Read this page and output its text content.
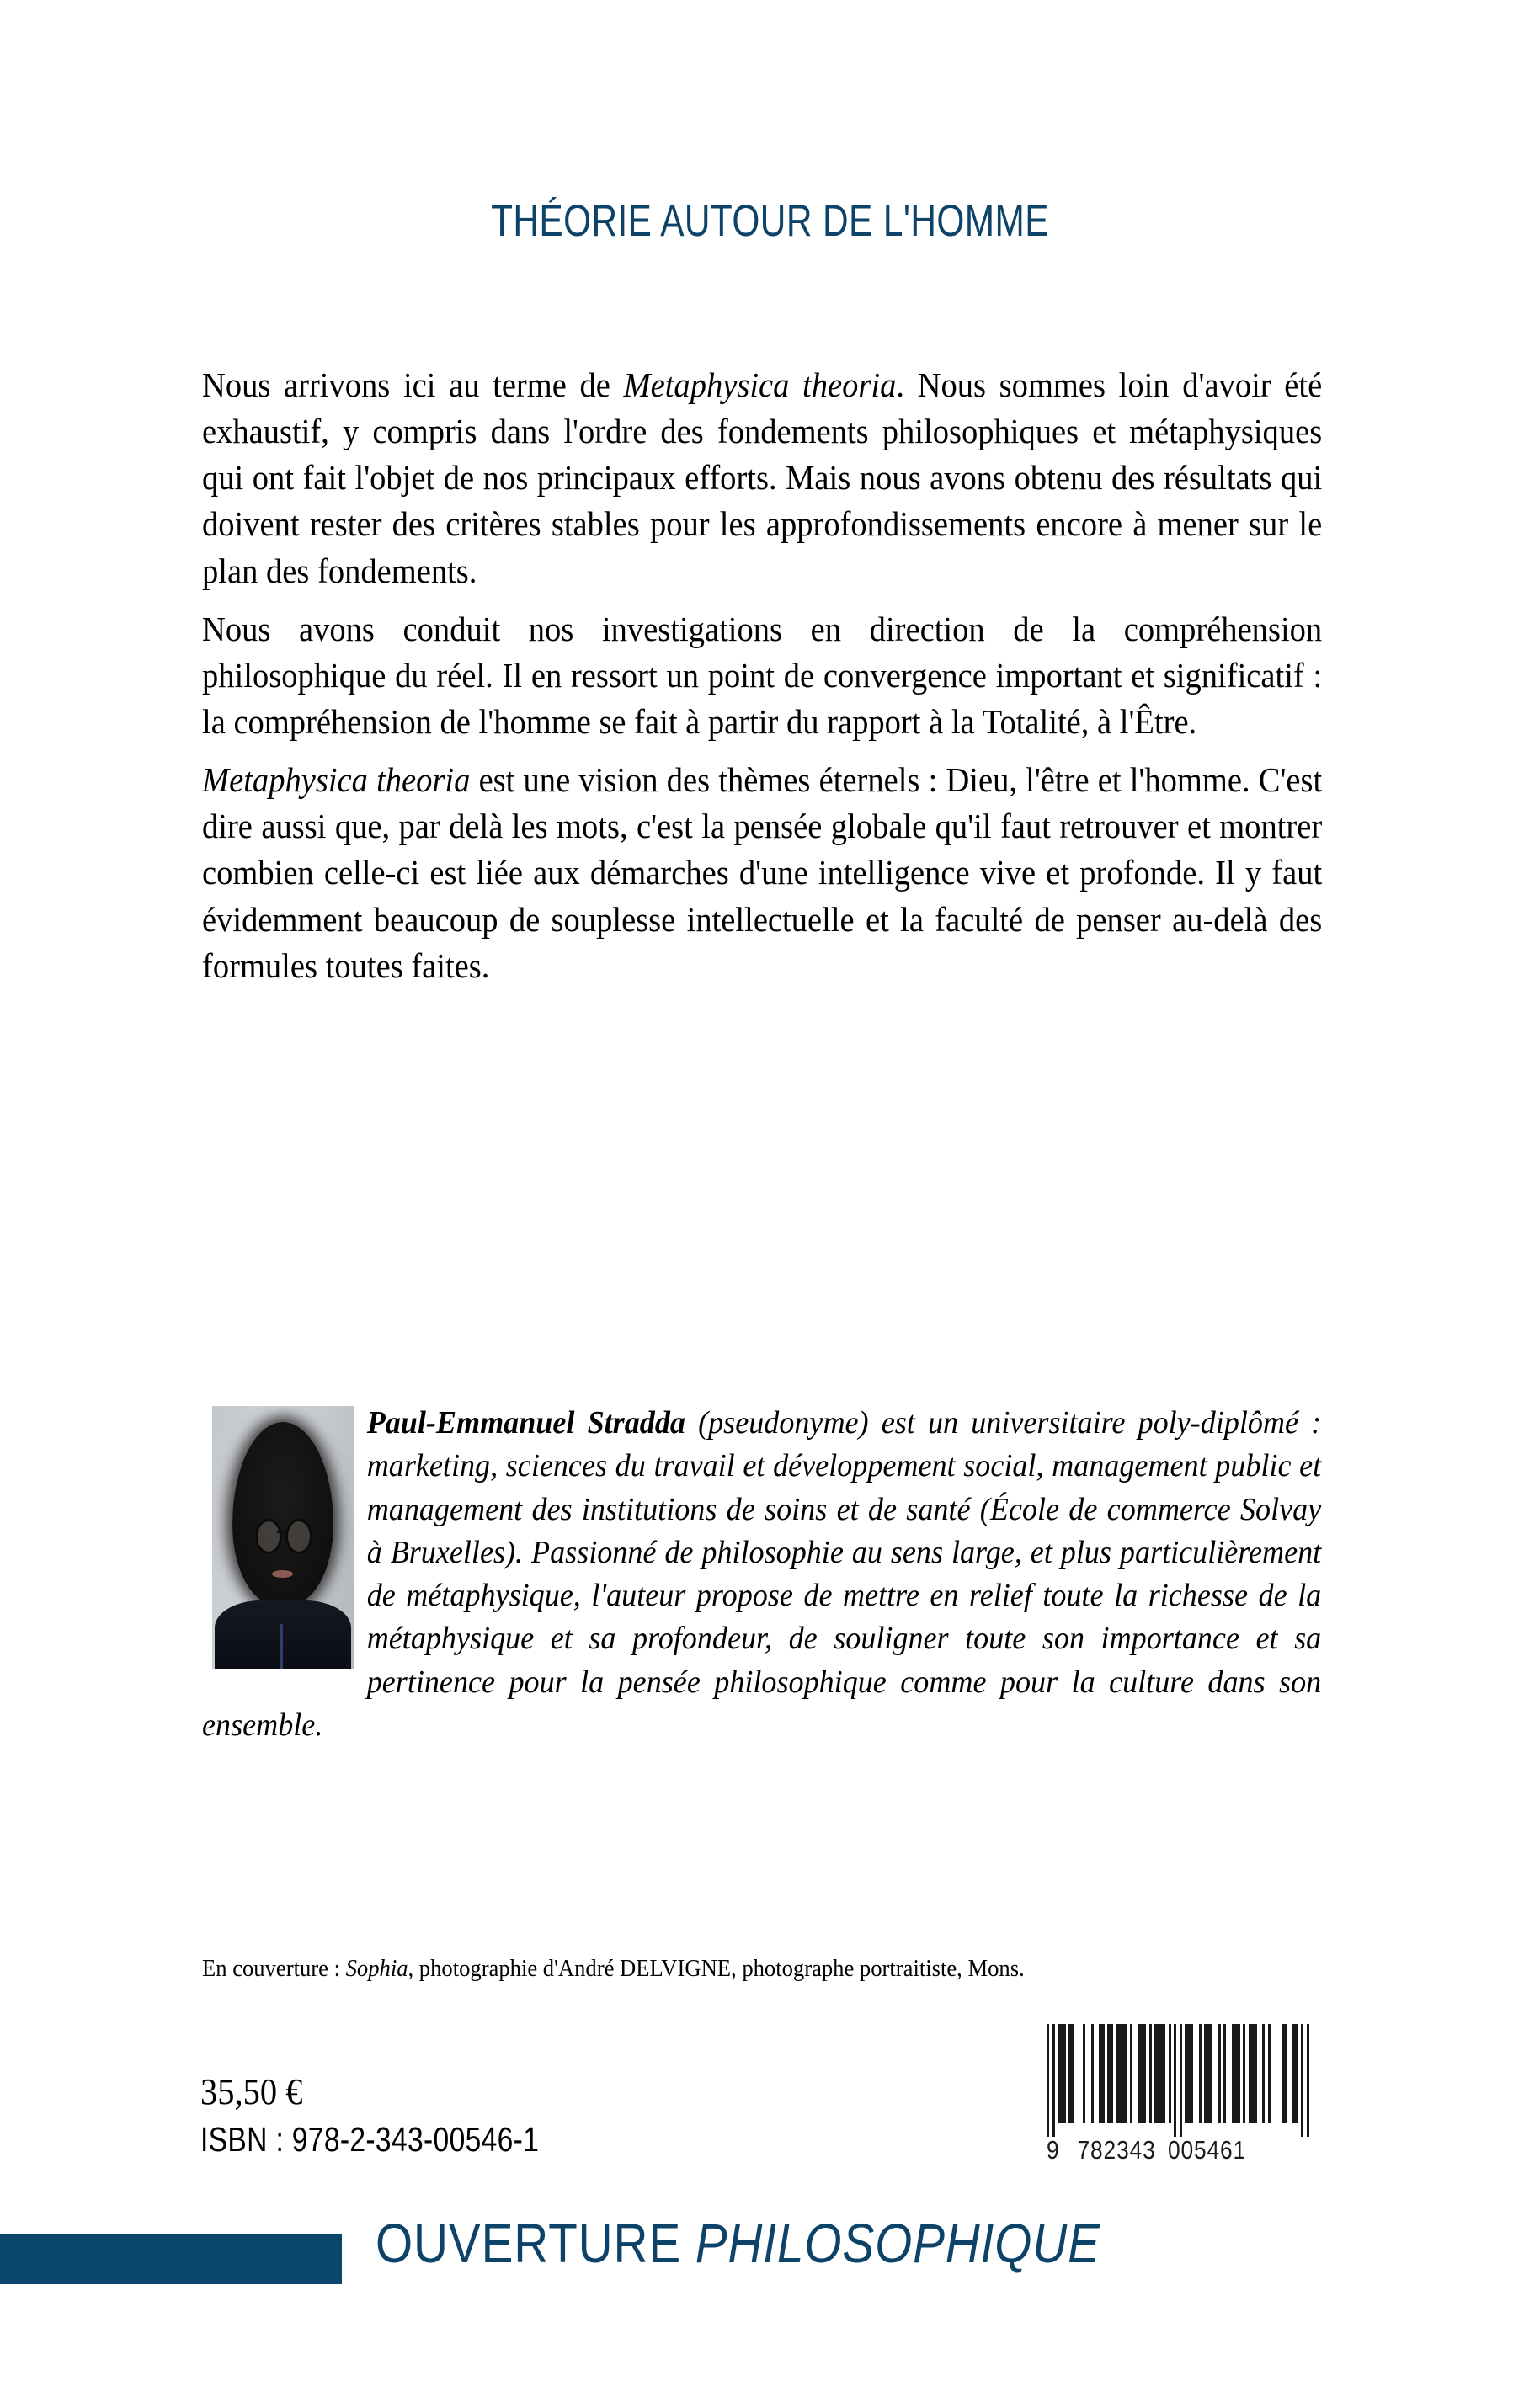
THÉORIE AUTOUR DE L'HOMME

Nous arrivons ici au terme de Metaphysica theoria. Nous sommes loin d'avoir été exhaustif, y compris dans l'ordre des fondements philosophiques et métaphysiques qui ont fait l'objet de nos principaux efforts. Mais nous avons obtenu des résultats qui doivent rester des critères stables pour les approfondissements encore à mener sur le plan des fondements.

Nous avons conduit nos investigations en direction de la compréhension philosophique du réel. Il en ressort un point de convergence important et significatif : la compréhension de l'homme se fait à partir du rapport à la Totalité, à l'Être.

Metaphysica theoria est une vision des thèmes éternels : Dieu, l'être et l'homme. C'est dire aussi que, par delà les mots, c'est la pensée globale qu'il faut retrouver et montrer combien celle-ci est liée aux démarches d'une intelligence vive et profonde. Il y faut évidemment beaucoup de souplesse intellectuelle et la faculté de penser au-delà des formules toutes faites.

Paul-Emmanuel Stradda (pseudonyme) est un universitaire poly-diplômé : marketing, sciences du travail et développement social, management public et management des institutions de soins et de santé (École de commerce Solvay à Bruxelles). Passionné de philosophie au sens large, et plus particulièrement de métaphysique, l'auteur propose de mettre en relief toute la richesse de la métaphysique et sa profondeur, de souligner toute son importance et sa pertinence pour la pensée philosophique comme pour la culture dans son ensemble.
En couverture : Sophia, photographie d'André DELVIGNE, photographe portraitiste, Mons.
35,50 €
ISBN : 978-2-343-00546-1	9 782343 005461
OUVERTURE PHILOSOPHIQUE
